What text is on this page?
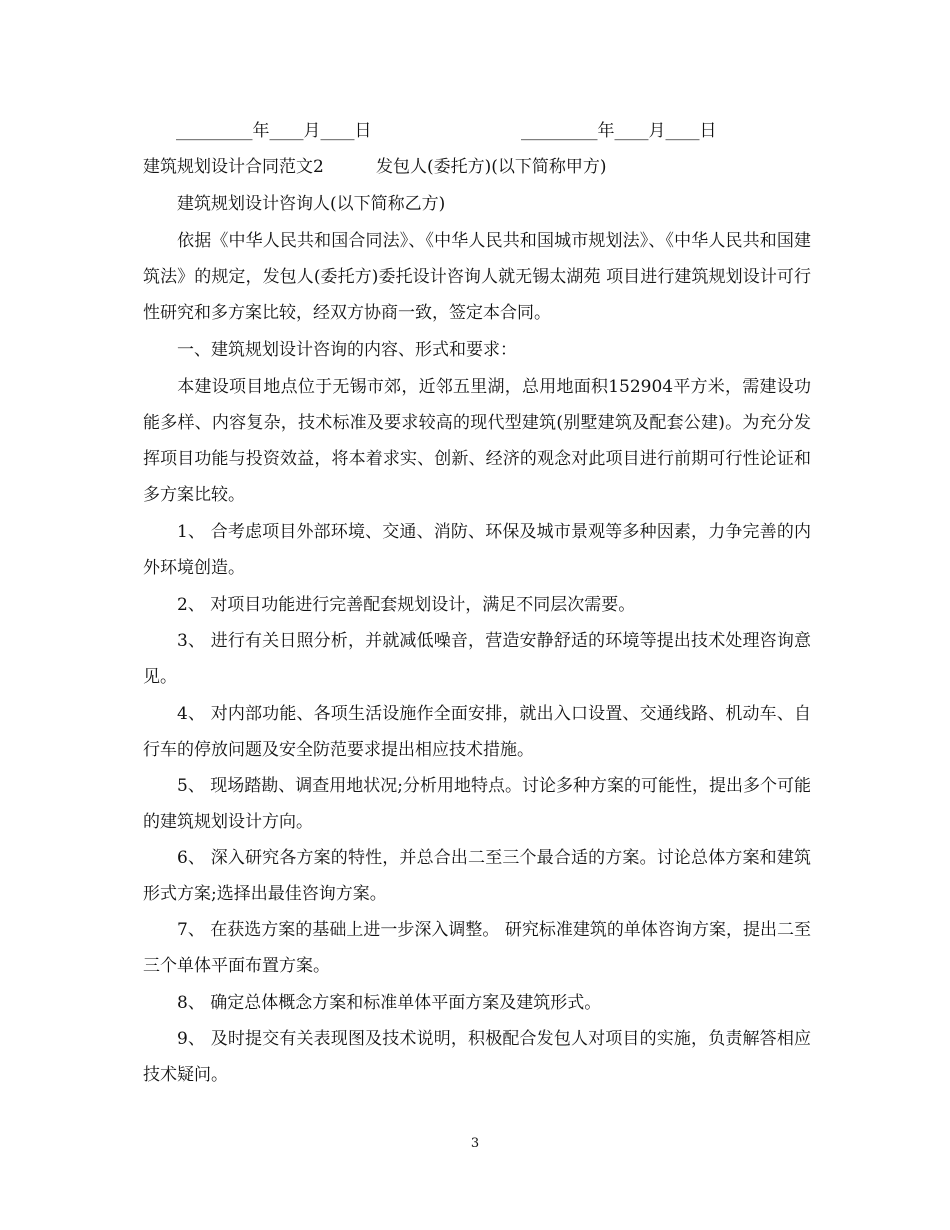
_________年____月____日	_________年____月____日
建筑规划设计合同范文2	发包人(委托方)(以下简称甲方)
建筑规划设计咨询人(以下简称乙方)
依据《中华人民共和国合同法》、《中华人民共和国城市规划法》、《中华人民共和国建筑法》的规定，发包人(委托方)委托设计咨询人就无锡太湖苑 项目进行建筑规划设计可行性研究和多方案比较，经双方协商一致，签定本合同。
一、建筑规划设计咨询的内容、形式和要求：
本建设项目地点位于无锡市郊，近邻五里湖，总用地面积152904平方米，需建设功能多样、内容复杂，技术标准及要求较高的现代型建筑(别墅建筑及配套公建)。为充分发挥项目功能与投资效益，将本着求实、创新、经济的观念对此项目进行前期可行性论证和多方案比较。
1、 合考虑项目外部环境、交通、消防、环保及城市景观等多种因素，力争完善的内外环境创造。
2、 对项目功能进行完善配套规划设计，满足不同层次需要。
3、 进行有关日照分析，并就减低噪音，营造安静舒适的环境等提出技术处理咨询意见。
4、 对内部功能、各项生活设施作全面安排，就出入口设置、交通线路、机动车、自行车的停放问题及安全防范要求提出相应技术措施。
5、 现场踏勘、调查用地状况;分析用地特点。讨论多种方案的可能性，提出多个可能的建筑规划设计方向。
6、 深入研究各方案的特性，并总合出二至三个最合适的方案。讨论总体方案和建筑形式方案;选择出最佳咨询方案。
7、 在获选方案的基础上进一步深入调整。 研究标准建筑的单体咨询方案，提出二至三个单体平面布置方案。
8、 确定总体概念方案和标准单体平面方案及建筑形式。
9、 及时提交有关表现图及技术说明，积极配合发包人对项目的实施，负责解答相应技术疑问。
3
